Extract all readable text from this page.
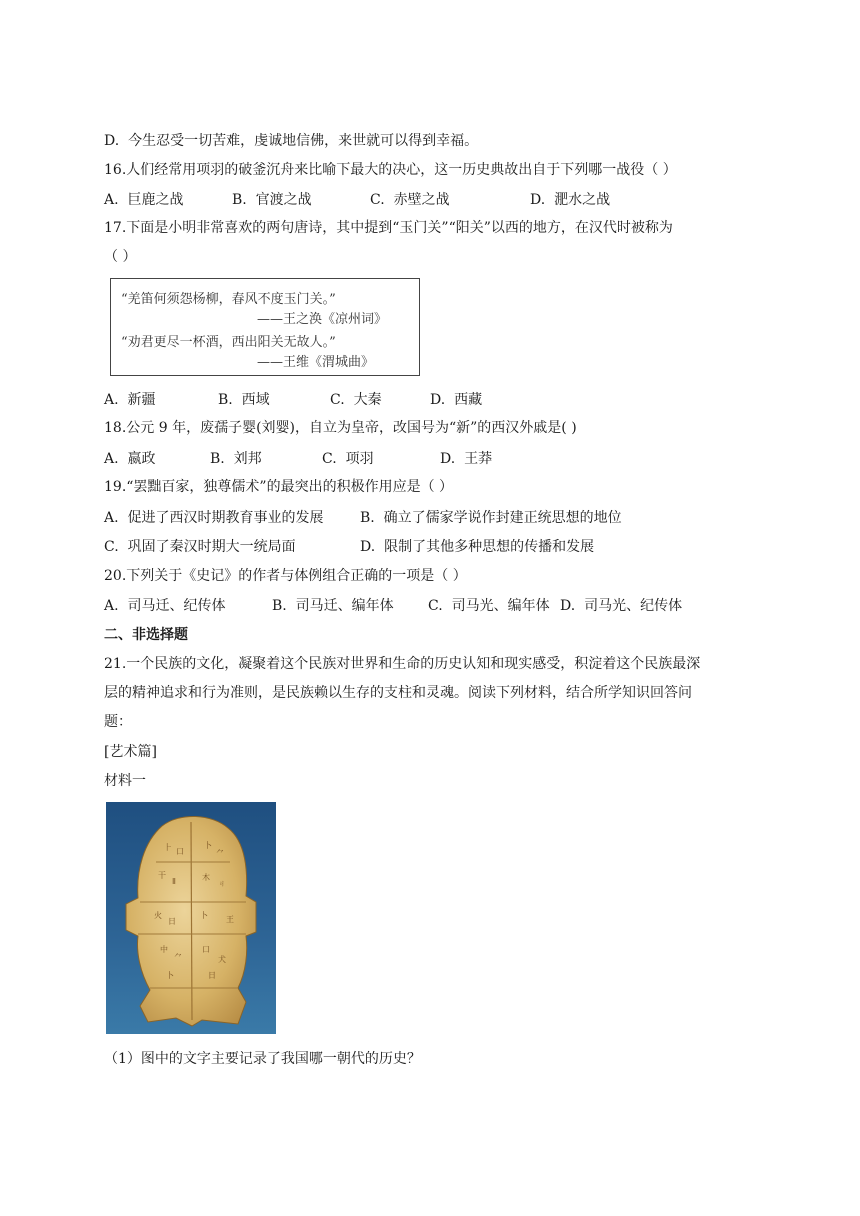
D.  今生忍受一切苦难，虔诚地信佛，来世就可以得到幸福。
16.人们经常用项羽的破釜沉舟来比喻下最大的决心，这一历史典故出自于下列哪一战役（ ）
A.  巨鹿之战	B.  官渡之战	C.  赤壁之战	D.  淝水之战
17.下面是小明非常喜欢的两句唐诗，其中提到“玉门关”“阳关”以西的地方，在汉代时被称为
（ ）
“羌笛何须怨杨柳，春风不度玉门关。”
——王之涣《凉州词》
“劝君更尽一杯酒，西出阳关无故人。”
——王维《渭城曲》
A.  新疆	B.  西域	C.  大秦	D.  西藏
18.公元 9 年，废孺子婴(刘婴)，自立为皇帝，改国号为“新”的西汉外戚是( )
A.  嬴政	B.  刘邦	C.  项羽	D.  王莽
19.“罢黜百家，独尊儒术”的最突出的积极作用应是（ ）
A.  促进了西汉时期教育事业的发展	B.  确立了儒家学说作封建正统思想的地位
C.  巩固了秦汉时期大一统局面	D.  限制了其他多种思想的传播和发展
20.下列关于《史记》的作者与体例组合正确的一项是（ ）
A.  司马迁、纪传体	B.  司马迁、编年体 C.  司马光、编年体 D.  司马光、纪传体
二、非选择题
21.一个民族的文化，凝聚着这个民族对世界和生命的历史认知和现实感受，积淀着这个民族最深
层的精神追求和行为准则，是民族赖以生存的支柱和灵魂。阅读下列材料，结合所学知识回答问
题：
[艺术篇]
材料一
⺊ 口
卜
⺈
干
Ⅱ	木
ㄐ
火
日
卜 王
中
⺈
口
犬
卜	日
（1）图中的文字主要记录了我国哪一朝代的历史？
